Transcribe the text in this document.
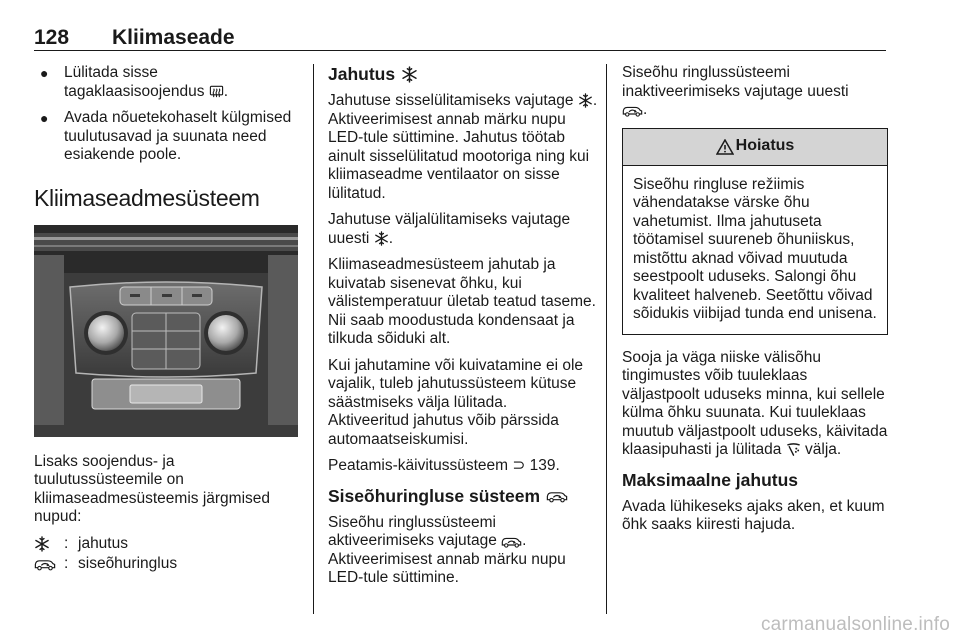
128 Kliimaseade
● Lülitada sisse
tagaklaasisoojendus .
● Avada nõuetekohaselt külgmised tuulutusavad ja suunata need esiakende poole.
Kliimaseadmesüsteem

Lisaks soojendus- ja tuulutussüsteemile on kliimaseadmesüsteemis järgmised nupud:

: jahutus
: siseõhuringlus
Jahutus

Jahutuse sisselülitamiseks vajutage . Aktiveerimisest annab märku nupu LED-tule süttimine. Jahutus töötab ainult sisselülitatud mootoriga ning kui kliimaseadme ventilaator on sisse lülitatud.

Jahutuse väljalülitamiseks vajutage uuesti .

Kliimaseadmesüsteem jahutab ja kuivatab sisenevat õhku, kui välistemperatuur ületab teatud taseme. Nii saab moodustuda kondensaat ja tilkuda sõiduki alt.

Kui jahutamine või kuivatamine ei ole vajalik, tuleb jahutussüsteem kütuse säästmiseks välja lülitada.

Aktiveeritud jahutus võib pärssida automaatseiskumisi.

Peatamis-käivitussüsteem ⊃ 139.

Siseõhuringluse süsteem

Siseõhu ringlussüsteemi aktiveerimiseks vajutage . Aktiveerimisest annab märku nupu LED-tule süttimine.

Siseõhu ringlussüsteemi inaktiveerimiseks vajutage uuesti

.

Hoiatus
Siseõhu ringluse režiimis vähendatakse värske õhu vahetumist. Ilma jahutuseta töötamisel suureneb õhuniiskus, mistõttu aknad võivad muutuda seestpoolt uduseks. Salongi õhu kvaliteet halveneb. Seetõttu võivad sõidukis viibijad tunda end unisena.

Sooja ja väga niiske välisõhu tingimustes võib tuuleklaas väljastpoolt uduseks minna, kui sellele külma õhku suunata. Kui tuuleklaas muutub väljastpoolt uduseks, käivitada klaasipuhasti ja lülitada välja.

Maksimaalne jahutus

Avada lühikeseks ajaks aken, et kuum õhk saaks kiiresti hajuda.

carmanualsonline.info
